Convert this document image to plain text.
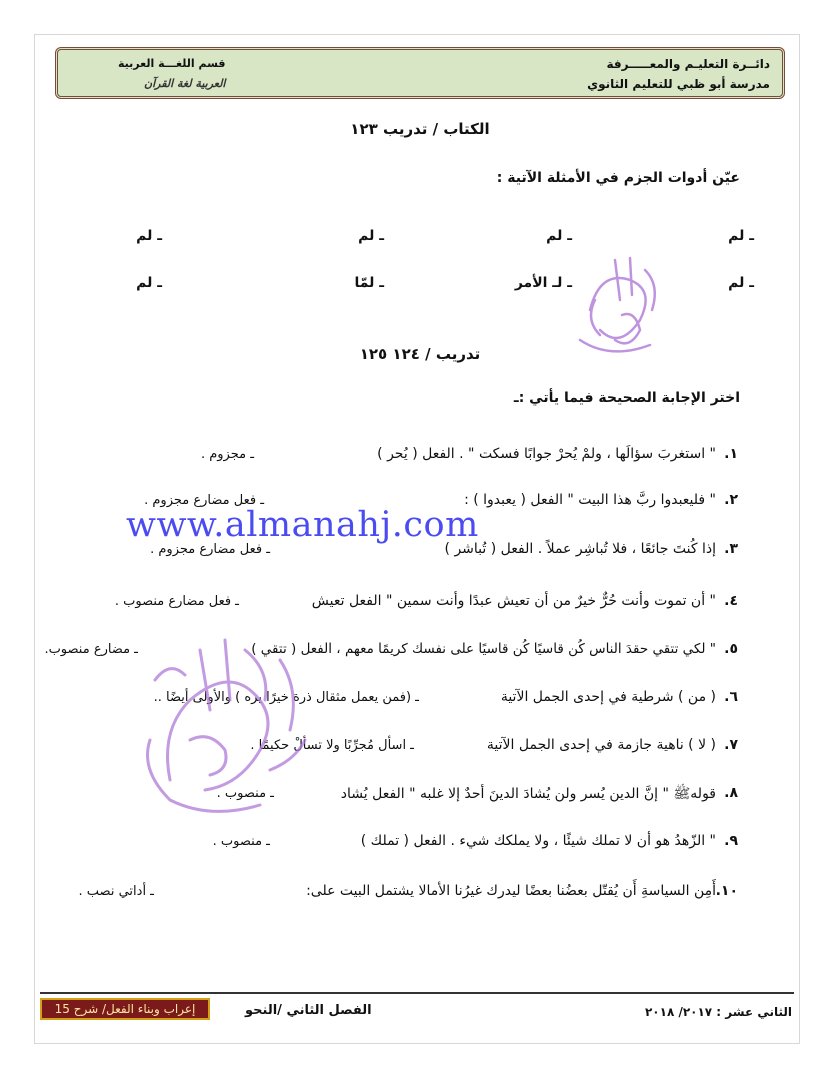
دائــرة التعليـم والمعـــــرفة
مدرسة أبو ظبي للتعليم الثانوي
قسم اللغـــة العربية
العربية لغة القرآن
الكتاب / تدريب ١٢٣
عيّن أدوات الجزم في الأمثلة الآتية :
ـ لم
ـ لم
ـ لم
ـ لم
ـ لم
ـ لـ الأمر
ـ لمّا
ـ لم
تدريب / ١٢٤ ١٢٥
اختر الإجابة الصحيحة فيما يأتي :ـ
www.almanahj.com
١.
" استغربَ سؤالَها ، ولمْ يُحرْ جوابًا فسكت " . الفعل ( يُحر )
ـ مجزوم .
٢.
" فليعبدوا ربَّ هذا البيت " الفعل ( يعبدوا ) :
ـ فعل مضارع مجزوم .
٣.
إذا كُنتَ جائعًا ، فلا تُباشِر عملاً . الفعل ( تُباشر )
ـ فعل مضارع مجزوم .
٤.
" أن تموت وأنت حُرٌّ خيرٌ من أن تعيش عبدًا وأنت سمين " الفعل تعيش
ـ فعل مضارع منصوب .
٥.
" لكي تتقي حقدَ الناس كُن قاسيًا كُن قاسيًا على نفسك كريمًا معهم ، الفعل ( تتقي )
ـ مضارع منصوب.
٦.
( من ) شرطية في إحدى الجمل الآتية
ـ (فمن يعمل مثقال ذرة خيرًا يره ) والأولى أيضًا ..
٧.
( لا ) ناهية جازمة في إحدى الجمل الآتية
ـ اسأل مُجرِّبًا ولا تسألْ حكيمًا .
٨.
قولهﷺ " إنَّ الدين يُسر ولن يُشادَ الدينَ أحدٌ إلا غلبه " الفعل يُشاد
ـ منصوب .
٩.
" الزّهدُ هو أن لا تملك شيئًا ، ولا يملكك شيء . الفعل ( تملك )
ـ منصوب .
١٠.
أَمِن السياسةِ أَن يُقتّل بعضُنا بعضًا ليدرك غيرُنا الأمالا يشتمل البيت على:
ـ أداتي نصب .
الثاني عشر : ٢٠١٧/ ٢٠١٨
الفصل الثاني /النحو
إعراب وبناء الفعل/ شرح 15
